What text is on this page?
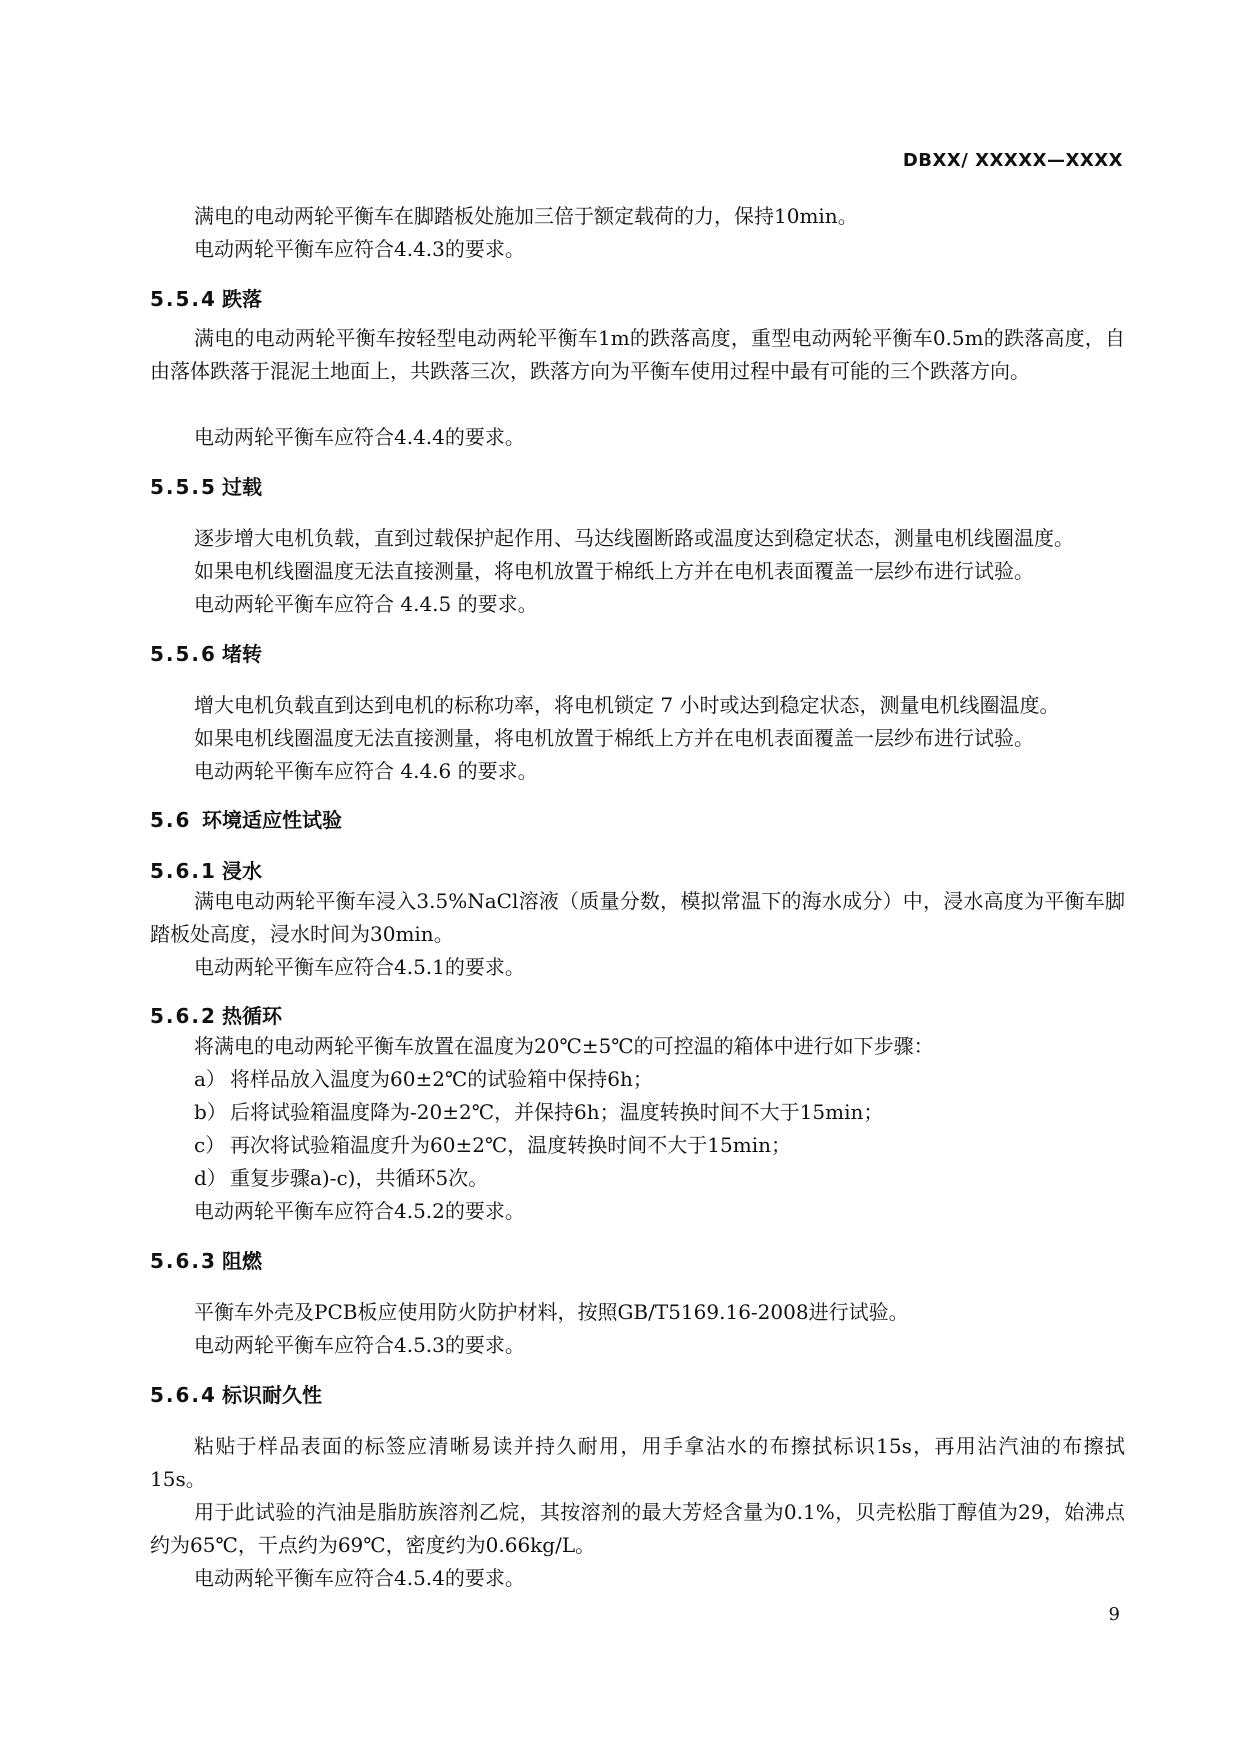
DBXX/ XXXXX—XXXX

满电的电动两轮平衡车在脚踏板处施加三倍于额定载荷的力，保持10min。

电动两轮平衡车应符合4.4.3的要求。

5.5.4 跌落

满电的电动两轮平衡车按轻型电动两轮平衡车1m的跌落高度，重型电动两轮平衡车0.5m的跌落高度，自由落体跌落于混泥土地面上，共跌落三次，跌落方向为平衡车使用过程中最有可能的三个跌落方向。

电动两轮平衡车应符合4.4.4的要求。

5.5.5 过载

逐步增大电机负载，直到过载保护起作用、马达线圈断路或温度达到稳定状态，测量电机线圈温度。

如果电机线圈温度无法直接测量，将电机放置于棉纸上方并在电机表面覆盖一层纱布进行试验。

电动两轮平衡车应符合 4.4.5 的要求。

5.5.6 堵转

增大电机负载直到达到电机的标称功率，将电机锁定 7 小时或达到稳定状态，测量电机线圈温度。

如果电机线圈温度无法直接测量，将电机放置于棉纸上方并在电机表面覆盖一层纱布进行试验。

电动两轮平衡车应符合 4.4.6 的要求。

5.6 环境适应性试验
5.6.1 浸水

满电电动两轮平衡车浸入3.5%NaCl溶液（质量分数，模拟常温下的海水成分）中，浸水高度为平衡车脚踏板处高度，浸水时间为30min。

电动两轮平衡车应符合4.5.1的要求。

5.6.2 热循环

将满电的电动两轮平衡车放置在温度为20℃±5℃的可控温的箱体中进行如下步骤：

a） 将样品放入温度为60±2℃的试验箱中保持6h；

b） 后将试验箱温度降为-20±2℃，并保持6h；温度转换时间不大于15min；

c） 再次将试验箱温度升为60±2℃，温度转换时间不大于15min；

d） 重复步骤a)-c)，共循环5次。

电动两轮平衡车应符合4.5.2的要求。

5.6.3 阻燃

平衡车外壳及PCB板应使用防火防护材料，按照GB/T5169.16-2008进行试验。

电动两轮平衡车应符合4.5.3的要求。

5.6.4 标识耐久性

粘贴于样品表面的标签应清晰易读并持久耐用，用手拿沾水的布擦拭标识15s，再用沾汽油的布擦拭15s。

用于此试验的汽油是脂肪族溶剂乙烷，其按溶剂的最大芳烃含量为0.1%，贝壳松脂丁醇值为29，始沸点约为65℃，干点约为69℃，密度约为0.66kg/L。

电动两轮平衡车应符合4.5.4的要求。

9
